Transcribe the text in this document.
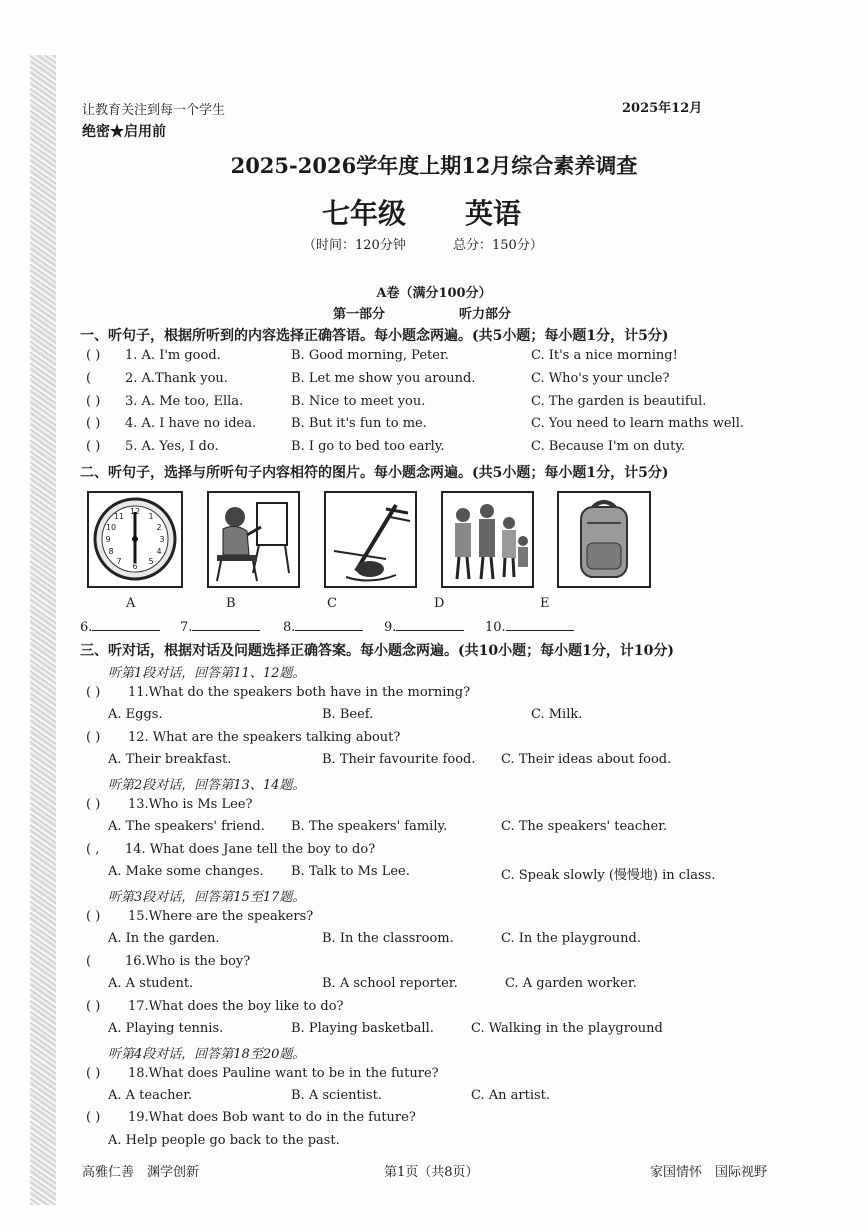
让教育关注到每一个学生	2025年12月
绝密★启用前
2025-2026学年度上期12月综合素养调查
七年级 英语
（时间：120分钟	总分：150分）
A卷（满分100分）
第一部分	听力部分
一、听句子，根据所听到的内容选择正确答语。每小题念两遍。(共5小题；每小题1分，计5分)
( ) 1. A. I'm good.	B. Good morning, Peter.	C. It's a nice morning!
(	2. A.Thank you.	B. Let me show you around.	C. Who's your uncle?
( ) 3. A. Me too, Ella.	B. Nice to meet you.	C. The garden is beautiful.
( ) 4. A. I have no idea.	B. But it's fun to me.	C. You need to learn maths well.
( ) 5. A. Yes, I do.	B. I go to bed too early.	C. Because I'm on duty.
二、听句子，选择与所听句子内容相符的图片。每小题念两遍。(共5小题；每小题1分，计5分)
12
1
2
3
4
5
6
7
8
9
10
11
A	B	C	D	E
6.	7.	8.	9.	10.
三、听对话，根据对话及问题选择正确答案。每小题念两遍。(共10小题；每小题1分，计10分)
听第1段对话，回答第11、12题。
( ) 11.What do the speakers both have in the morning?
A. Eggs.	B. Beef.	C. Milk.
( ) 12. What are the speakers talking about?
A. Their breakfast.	B. Their favourite food. C. Their ideas about food.
听第2段对话，回答第13、14题。
( ) 13.Who is Ms Lee?
A. The speakers' friend. B. The speakers' family.	C. The speakers' teacher.
( , 14. What does Jane tell the boy to do?
A. Make some changes. B. Talk to Ms Lee.	C. Speak slowly (慢慢地) in class.
听第3段对话，回答第15至17题。
( ) 15.Where are the speakers?
A. In the garden.	B. In the classroom.	C. In the playground.
(	16.Who is the boy?
A. A student.	B. A school reporter.	C. A garden worker.
( ) 17.What does the boy like to do?
A. Playing tennis.	B. Playing basketball.	C. Walking in the playground
听第4段对话，回答第18至20题。
( ) 18.What does Pauline want to be in the future?
A. A teacher.	B. A scientist.	C. An artist.
( ) 19.What does Bob want to do in the future?
A. Help people go back to the past.
高雅仁善　渊学创新	第1页（共8页）	家国情怀　国际视野
